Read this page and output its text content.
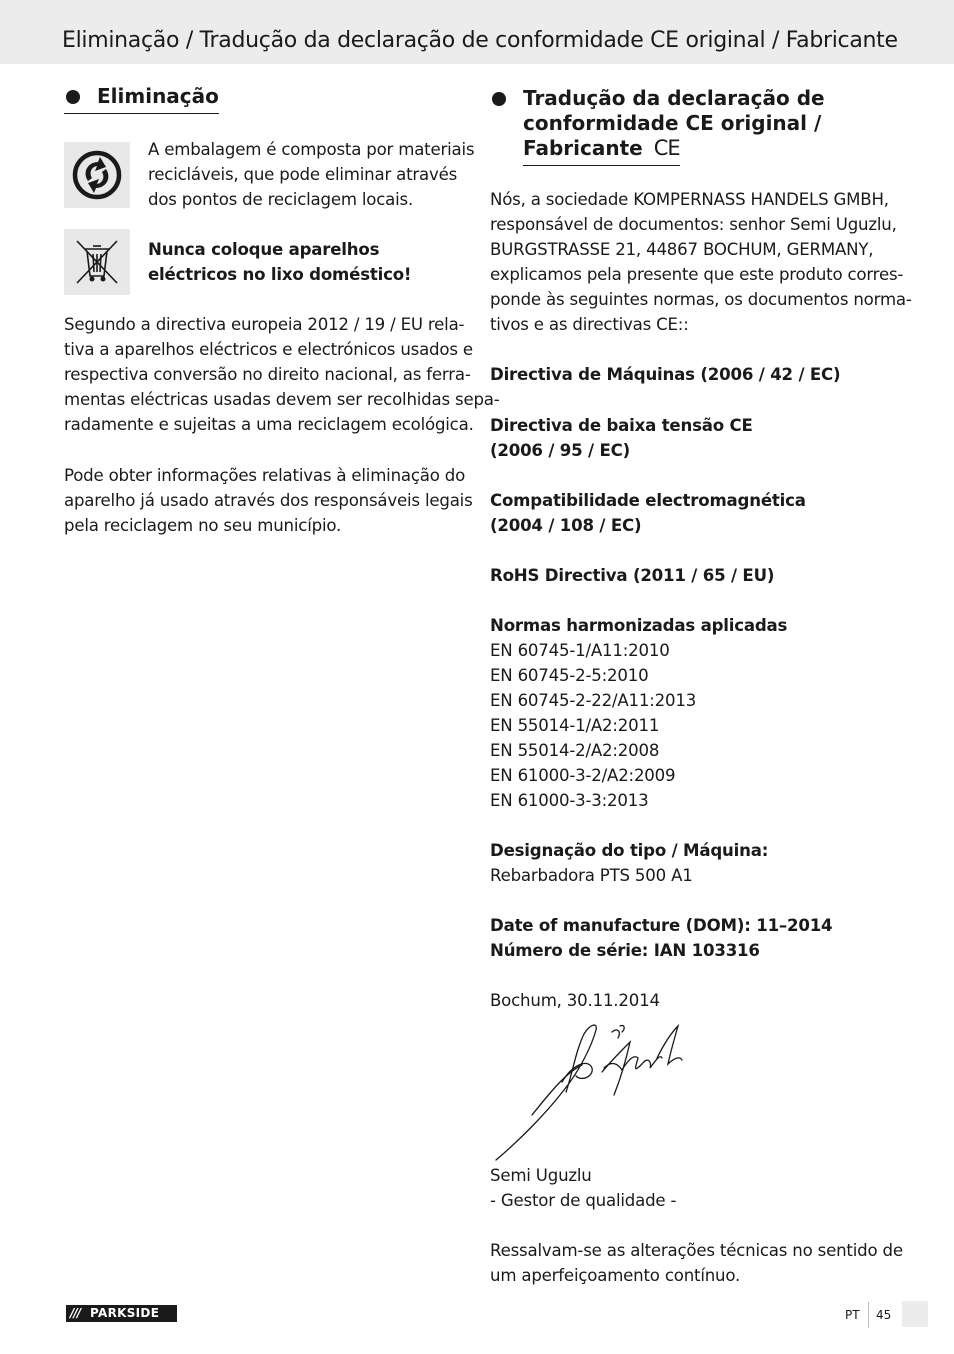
Eliminação / Tradução da declaração de conformidade CE original / Fabricante
Eliminação
A embalagem é composta por materiais
recicláveis, que pode eliminar através
dos pontos de reciclagem locais.
Nunca coloque aparelhos
eléctricos no lixo doméstico!
Segundo a directiva europeia 2012 / 19 / EU rela-
tiva a aparelhos eléctricos e electrónicos usados e
respectiva conversão no direito nacional, as ferra-
mentas eléctricas usadas devem ser recolhidas sepa-
radamente e sujeitas a uma reciclagem ecológica.
Pode obter informações relativas à eliminação do
aparelho já usado através dos responsáveis legais
pela reciclagem no seu município.
Tradução da declaração de
conformidade CE original /
Fabricante CE
Nós, a sociedade KOMPERNASS HANDELS GMBH,
responsável de documentos: senhor Semi Uguzlu,
BURGSTRASSE 21, 44867 BOCHUM, GERMANY,
explicamos pela presente que este produto corres-
ponde às seguintes normas, os documentos norma-
tivos e as directivas CE::
Directiva de Máquinas (2006 / 42 / EC)
Directiva de baixa tensão CE
(2006 / 95 / EC)
Compatibilidade electromagnética
(2004 / 108 / EC)
RoHS Directiva (2011 / 65 / EU)
Normas harmonizadas aplicadas
EN 60745-1/A11:2010
EN 60745-2-5:2010
EN 60745-2-22/A11:2013
EN 55014-1/A2:2011
EN 55014-2/A2:2008
EN 61000-3-2/A2:2009
EN 61000-3-3:2013
Designação do tipo / Máquina:
Rebarbadora PTS 500 A1
Date of manufacture (DOM): 11–2014
Número de série: IAN 103316
Bochum, 30.11.2014
Semi Uguzlu
- Gestor de qualidade -
Ressalvam-se as alterações técnicas no sentido de
um aperfeiçoamento contínuo.
/// PARKSIDE	PT 45
